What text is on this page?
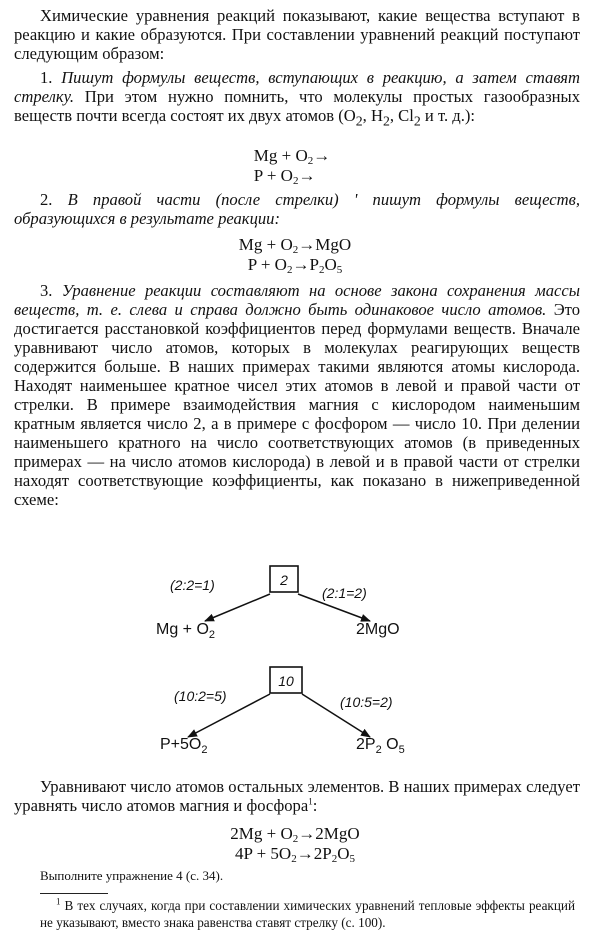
Химические уравнения реакций показывают, какие вещества вступают в реакцию и какие образуются. При составлении уравнений реакций поступают следующим образом:

1. Пишут формулы веществ, вступающих в реакцию, а затем ставят стрелку. При этом нужно помнить, что молекулы простых газообразных веществ почти всегда состоят их двух атомов ($O_2$, $H_2$, $Cl_2$ и т. д.):

$Mg + O_2\to$
$P + O_2\to$

2. В правой части (после стрелки) ' пишут формулы веществ, образующихся в результате реакции:

$Mg + O_2\to MgO$
$P + O_2\to P_2O_5$

3. Уравнение реакции составляют на основе закона сохранения массы веществ, т. е. слева и справа должно быть одинаковое число атомов. Это достигается расстановкой коэффициентов перед формулами веществ. Вначале уравнивают число атомов, которых в молекулах реагирующих веществ содержится больше. В наших примерах такими являются атомы кислорода. Находят наименьшее кратное чисел этих атомов в левой и правой части от стрелки. В примере взаимодействия магния с кислородом наименьшим кратным является число 2, а в примере с фосфором — число 10. При делении наименьшего кратного на число соответствующих атомов (в приведенных примерах — на число атомов кислорода) в левой и в правой части от стрелки находят соответствующие коэффициенты, как показано в нижеприведенной схеме:

2
(2:2=1)	(2:1=2)
$Mg + O_2$	2MgO
10
(10:2=5)	(10:5=2)
$P+5O_2$	$2P_2$ $O_5$

Уравнивают число атомов остальных элементов. В наших примерах следует уравнять число атомов магния и фосфора$^1$:

$2Mg + O_2\to 2MgO$
$4P + 5O_2\to 2P_2O_5$
Выполните упражнение 4 (с. 34).
$^1$ В тех случаях, когда при составлении химических уравнений тепловые эффекты реакций не указывают, вместо знака равенства ставят стрелку (с. 100).
